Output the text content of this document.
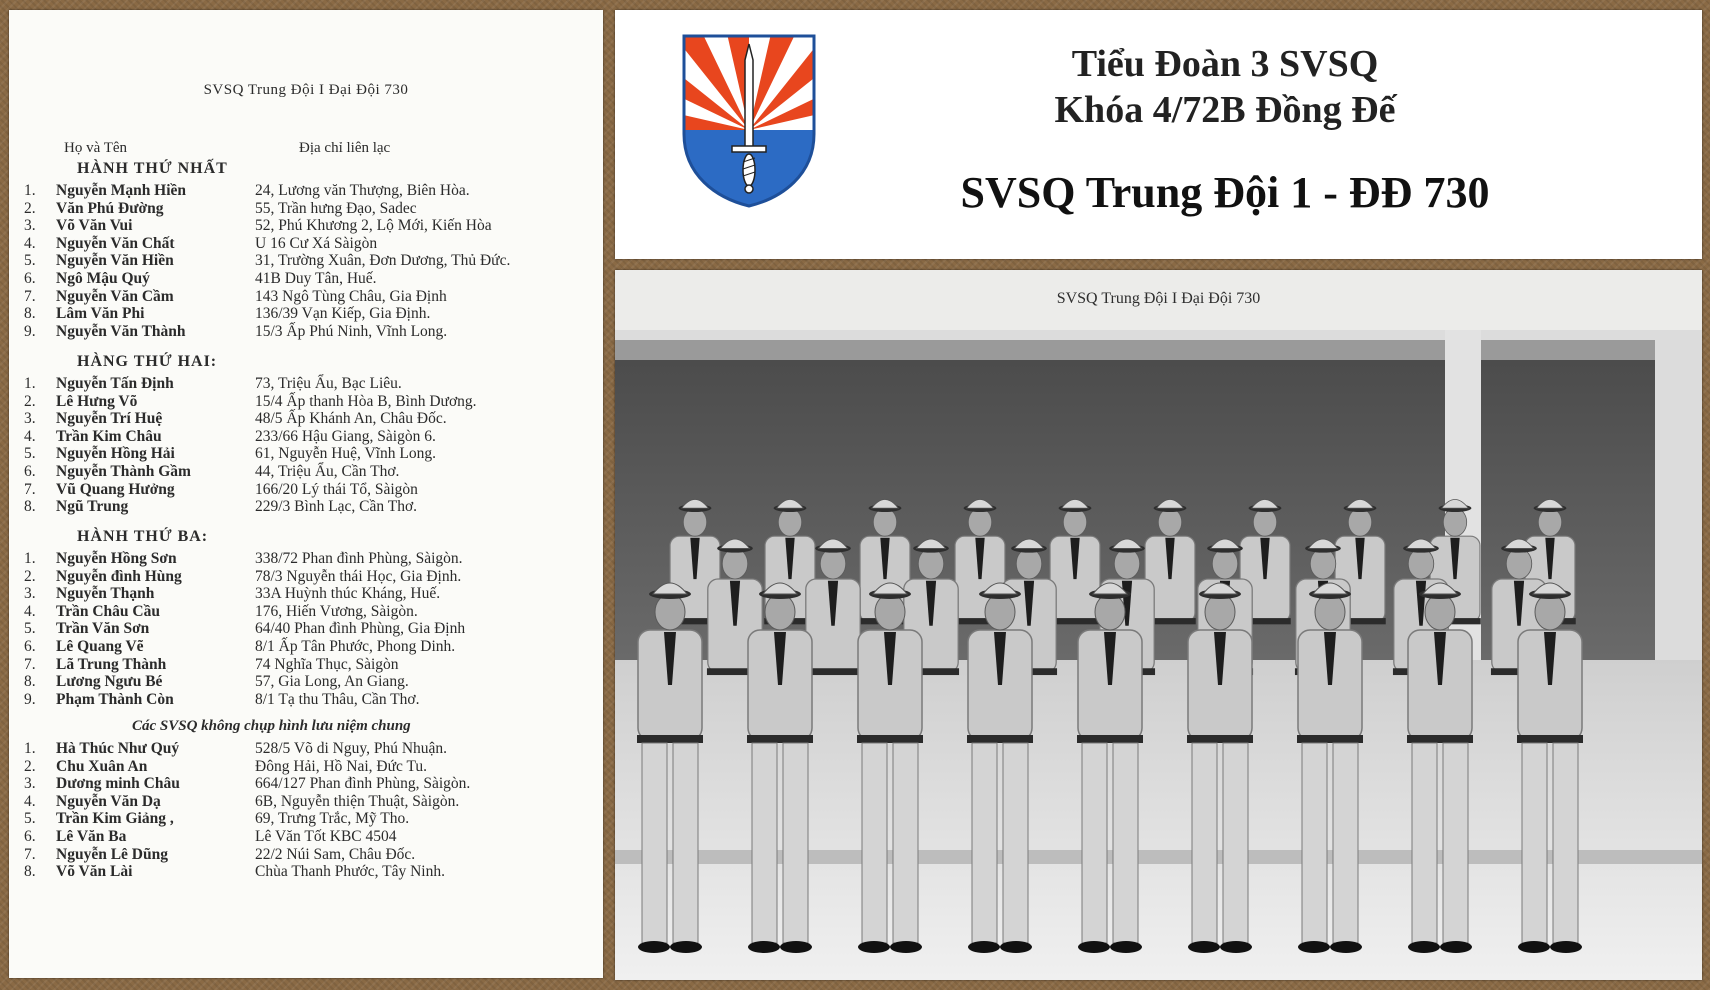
SVSQ Trung Đội I Đại Đội 730
Họ và Tên	Địa chỉ liên lạc
HÀNH THỨ NHẤT
1.	Nguyễn Mạnh Hiền	24, Lương văn Thượng, Biên Hòa.
2.	Văn Phú Đường	55, Trần hưng Đạo, Sadec
3.	Võ Văn Vui	52, Phú Khương 2, Lộ Mới, Kiến Hòa
4.	Nguyễn Văn Chất	U 16 Cư Xá Sàigòn
5.	Nguyễn Văn Hiền	31, Trường Xuân, Đơn Dương, Thủ Đức.
6.	Ngô Mậu Quý	41B Duy Tân, Huế.
7.	Nguyễn Văn Cầm	143 Ngô Tùng Châu, Gia Định
8.	Lâm Văn Phi	136/39 Vạn Kiếp, Gia Định.
9.	Nguyễn Văn Thành	15/3 Ấp Phú Ninh, Vĩnh Long.
HÀNG THỨ HAI:
1.	Nguyễn Tấn Định	73, Triệu Ẩu, Bạc Liêu.
2.	Lê Hưng Võ	15/4 Ấp thanh Hòa B, Bình Dương.
3.	Nguyễn Trí Huệ	48/5 Ấp Khánh An, Châu Đốc.
4.	Trần Kim Châu	233/66 Hậu Giang, Sàigòn 6.
5.	Nguyễn Hồng Hải	61, Nguyễn Huệ, Vĩnh Long.
6.	Nguyễn Thành Gầm	44, Triệu Ẩu, Cần Thơ.
7.	Vũ Quang Hưởng	166/20 Lý thái Tổ, Sàigòn
8.	Ngũ Trung	229/3 Bình Lạc, Cần Thơ.
HÀNH THỨ BA:
1.	Nguyễn Hồng Sơn	338/72 Phan đình Phùng, Sàigòn.
2.	Nguyễn đình Hùng	78/3 Nguyễn thái Học, Gia Định.
3.	Nguyễn Thạnh	33A Huỳnh thúc Kháng, Huế.
4.	Trần Châu Cầu	176, Hiến Vương, Sàigòn.
5.	Trần Văn Sơn	64/40 Phan đình Phùng, Gia Định
6.	Lê Quang Vẽ	8/1 Ấp Tân Phước, Phong Dinh.
7.	Lã Trung Thành	74 Nghĩa Thục, Sàigòn
8.	Lương Ngưu Bé	57, Gia Long, An Giang.
9.	Phạm Thành Còn	8/1 Tạ thu Thâu, Cần Thơ.
Các SVSQ không chụp hình lưu niệm chung
1.	Hà Thúc Như Quý	528/5 Võ di Nguy, Phú Nhuận.
2.	Chu Xuân An	Đông Hải, Hồ Nai, Đức Tu.
3.	Dương minh Châu	664/127 Phan đình Phùng, Sàigòn.
4.	Nguyễn Văn Dạ	6B, Nguyễn thiện Thuật, Sàigòn.
5.	Trần Kim Giảng ,	69, Trưng Trắc, Mỹ Tho.
6.	Lê Văn Ba	Lê Văn Tốt KBC 4504
7.	Nguyễn Lê Dũng	22/2 Núi Sam, Châu Đốc.
8.	Võ Văn Lài	Chùa Thanh Phước, Tây Ninh.
Tiểu Đoàn 3 SVSQ
Khóa 4/72B Đồng Đế
SVSQ Trung Đội 1 - ĐĐ 730
SVSQ Trung Đội I Đại Đội 730
